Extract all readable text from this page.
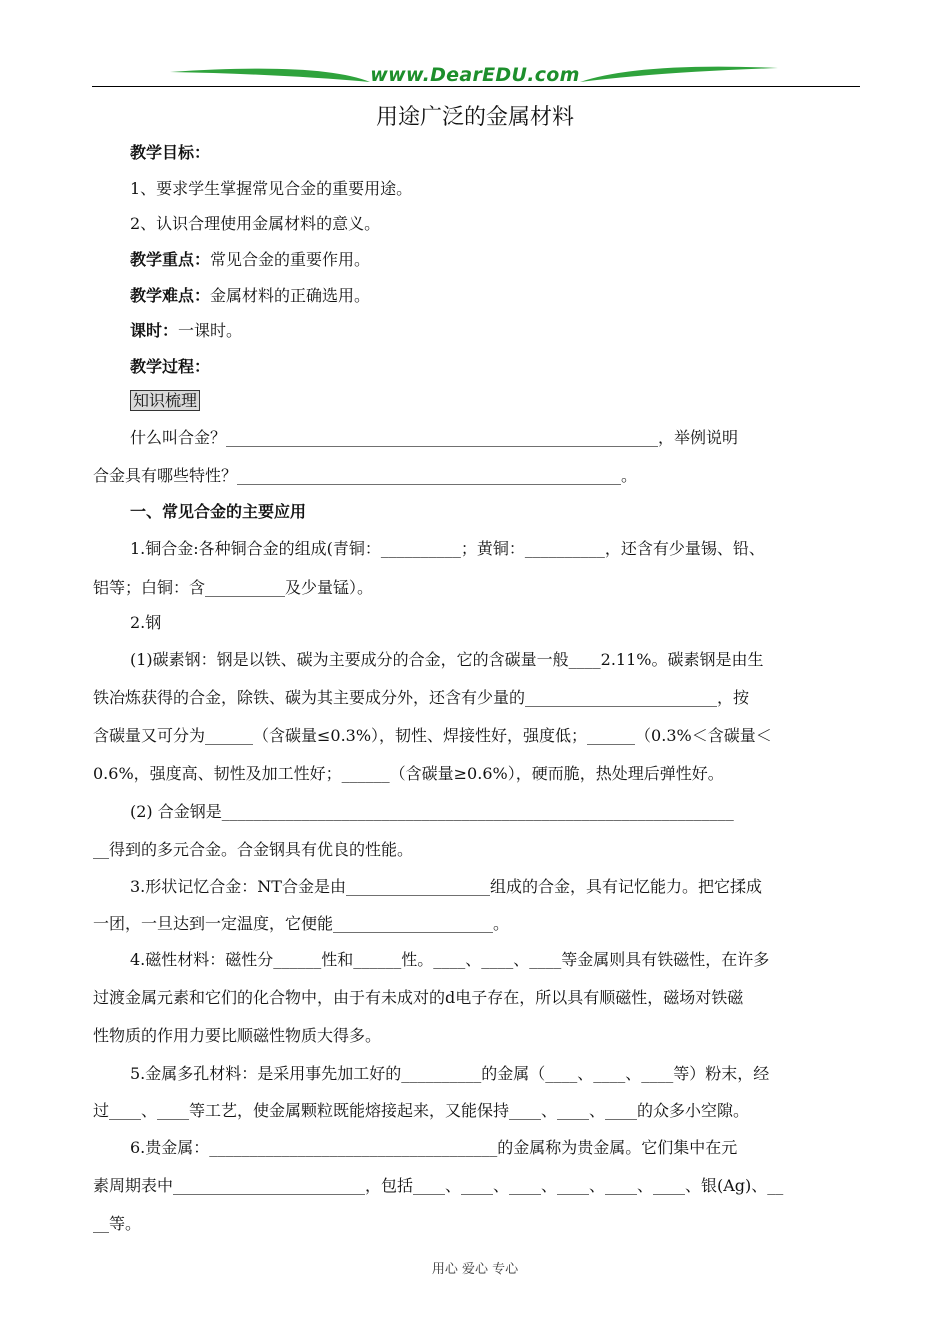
www.DearEDU.com
用途广泛的金属材料
教学目标：
1、要求学生掌握常见合金的重要用途。
2、认识合理使用金属材料的意义。
教学重点：常见合金的重要作用。
教学难点：金属材料的正确选用。
课时：一课时。
教学过程：
知识梳理
什么叫合金？______________________________________________________，举例说明
合金具有哪些特性？________________________________________________。
一、常见合金的主要应用
1.铜合金:各种铜合金的组成(青铜：__________；黄铜：__________，还含有少量锡、铅、
铝等；白铜：含__________及少量锰）。
2.钢
(1)碳素钢：钢是以铁、碳为主要成分的合金，它的含碳量一般____2.11%。碳素钢是由生
铁冶炼获得的合金，除铁、碳为其主要成分外，还含有少量的________________________，按
含碳量又可分为______（含碳量≤0.3%），韧性、焊接性好，强度低；______（0.3%＜含碳量＜
0.6%，强度高、韧性及加工性好；______（含碳量≥0.6%），硬而脆，热处理后弹性好。
(2) 合金钢是________________________________________________________________
__得到的多元合金。合金钢具有优良的性能。
3.形状记忆合金：NT合金是由__________________组成的合金，具有记忆能力。把它揉成
一团，一旦达到一定温度，它便能____________________。
4.磁性材料：磁性分______性和______性。____、____、____等金属则具有铁磁性，在许多
过渡金属元素和它们的化合物中，由于有未成对的d电子存在，所以具有顺磁性，磁场对铁磁
性物质的作用力要比顺磁性物质大得多。
5.金属多孔材料：是采用事先加工好的__________的金属（____、____、____等）粉末，经
过____、____等工艺，使金属颗粒既能熔接起来，又能保持____、____、____的众多小空隙。
6.贵金属：____________________________________的金属称为贵金属。它们集中在元
素周期表中________________________，包括____、____、____、____、____、____、银(Ag)、__
__等。
用心 爱心 专心
